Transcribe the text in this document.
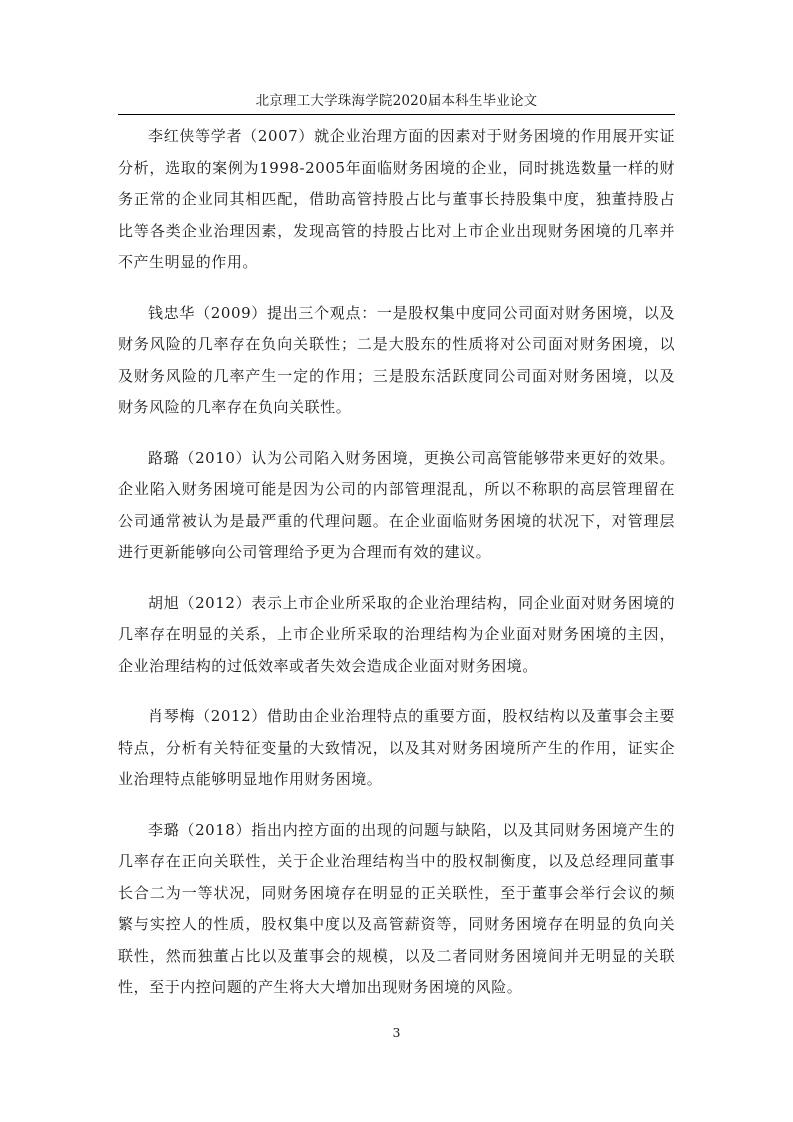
北京理工大学珠海学院2020届本科生毕业论文

李红侠等学者（2007）就企业治理方面的因素对于财务困境的作用展开实证分析，选取的案例为1998-2005年面临财务困境的企业，同时挑选数量一样的财务正常的企业同其相匹配，借助高管持股占比与董事长持股集中度，独董持股占比等各类企业治理因素，发现高管的持股占比对上市企业出现财务困境的几率并不产生明显的作用。

钱忠华（2009）提出三个观点：一是股权集中度同公司面对财务困境，以及财务风险的几率存在负向关联性；二是大股东的性质将对公司面对财务困境，以及财务风险的几率产生一定的作用；三是股东活跃度同公司面对财务困境，以及财务风险的几率存在负向关联性。

路璐（2010）认为公司陷入财务困境，更换公司高管能够带来更好的效果。企业陷入财务困境可能是因为公司的内部管理混乱，所以不称职的高层管理留在公司通常被认为是最严重的代理问题。在企业面临财务困境的状况下，对管理层进行更新能够向公司管理给予更为合理而有效的建议。

胡旭（2012）表示上市企业所采取的企业治理结构，同企业面对财务困境的几率存在明显的关系，上市企业所采取的治理结构为企业面对财务困境的主因，企业治理结构的过低效率或者失效会造成企业面对财务困境。

肖琴梅（2012）借助由企业治理特点的重要方面，股权结构以及董事会主要特点，分析有关特征变量的大致情况，以及其对财务困境所产生的作用，证实企业治理特点能够明显地作用财务困境。

李璐（2018）指出内控方面的出现的问题与缺陷，以及其同财务困境产生的几率存在正向关联性，关于企业治理结构当中的股权制衡度，以及总经理同董事长合二为一等状况，同财务困境存在明显的正关联性，至于董事会举行会议的频繁与实控人的性质，股权集中度以及高管薪资等，同财务困境存在明显的负向关联性，然而独董占比以及董事会的规模，以及二者同财务困境间并无明显的关联性，至于内控问题的产生将大大增加出现财务困境的风险。

3
